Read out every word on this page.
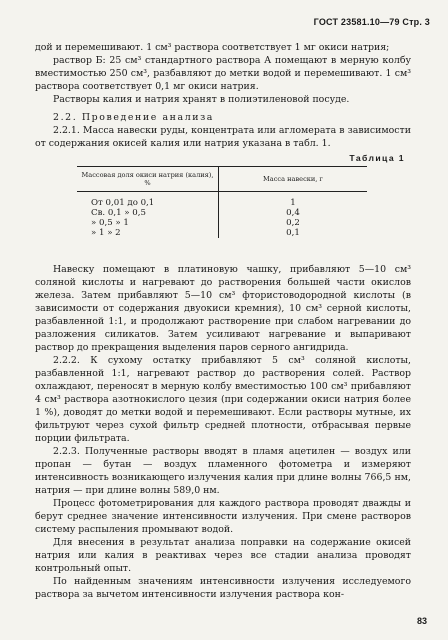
ГОСТ 23581.10—79 Стр. 3

дой и перемешивают. 1 см³ раствора соответствует 1 мг окиси натрия;

раствор Б: 25 см³ стандартного раствора А помещают в мерную колбу вместимостью 250 см³, разбавляют до метки водой и перемешивают. 1 см³ раствора соответствует 0,1 мг окиси натрия.

Растворы калия и натрия хранят в полиэтиленовой посуде.

2.2. Проведение анализа

2.2.1. Масса навески руды, концентрата или агломерата в зависимости от содержания окисей калия или натрия указана в табл. 1.

Таблица 1

Массовая доля окиси натрия (калия), %	Масса навески, г
От 0,01 до 0,1	1
Св. 0,1 » 0,5	0,4
» 0,5 » 1	0,2
» 1 » 2	0,1

Навеску помещают в платиновую чашку, прибавляют 5—10 см³ соляной кислоты и нагревают до растворения большей части окислов железа. Затем прибавляют 5—10 см³ фтористоводородной кислоты (в зависимости от содержания двуокиси кремния), 10 см³ серной кислоты, разбавленной 1:1, и продолжают растворение при слабом нагревании до разложения силикатов. Затем усиливают нагревание и выпаривают раствор до прекращения выделения паров серного ангидрида.

2.2.2. К сухому остатку прибавляют 5 см³ соляной кислоты, разбавленной 1:1, нагревают раствор до растворения солей. Раствор охлаждают, переносят в мерную колбу вместимостью 100 см³ прибавляют 4 см³ раствора азотнокислого цезия (при содержании окиси натрия более 1 %), доводят до метки водой и перемешивают. Если растворы мутные, их фильтруют через сухой фильтр средней плотности, отбрасывая первые порции фильтрата.

2.2.3. Полученные растворы вводят в пламя ацетилен — воздух или пропан — бутан — воздух пламенного фотометра и измеряют интенсивность возникающего излучения калия при длине волны 766,5 нм, натрия — при длине волны 589,0 нм.

Процесс фотометрирования для каждого раствора проводят дважды и берут среднее значение интенсивности излучения. При смене растворов систему распыления промывают водой.

Для внесения в результат анализа поправки на содержание окисей натрия или калия в реактивах через все стадии анализа проводят контрольный опыт.

По найденным значениям интенсивности излучения исследуемого раствора за вычетом интенсивности излучения раствора кон-

83
